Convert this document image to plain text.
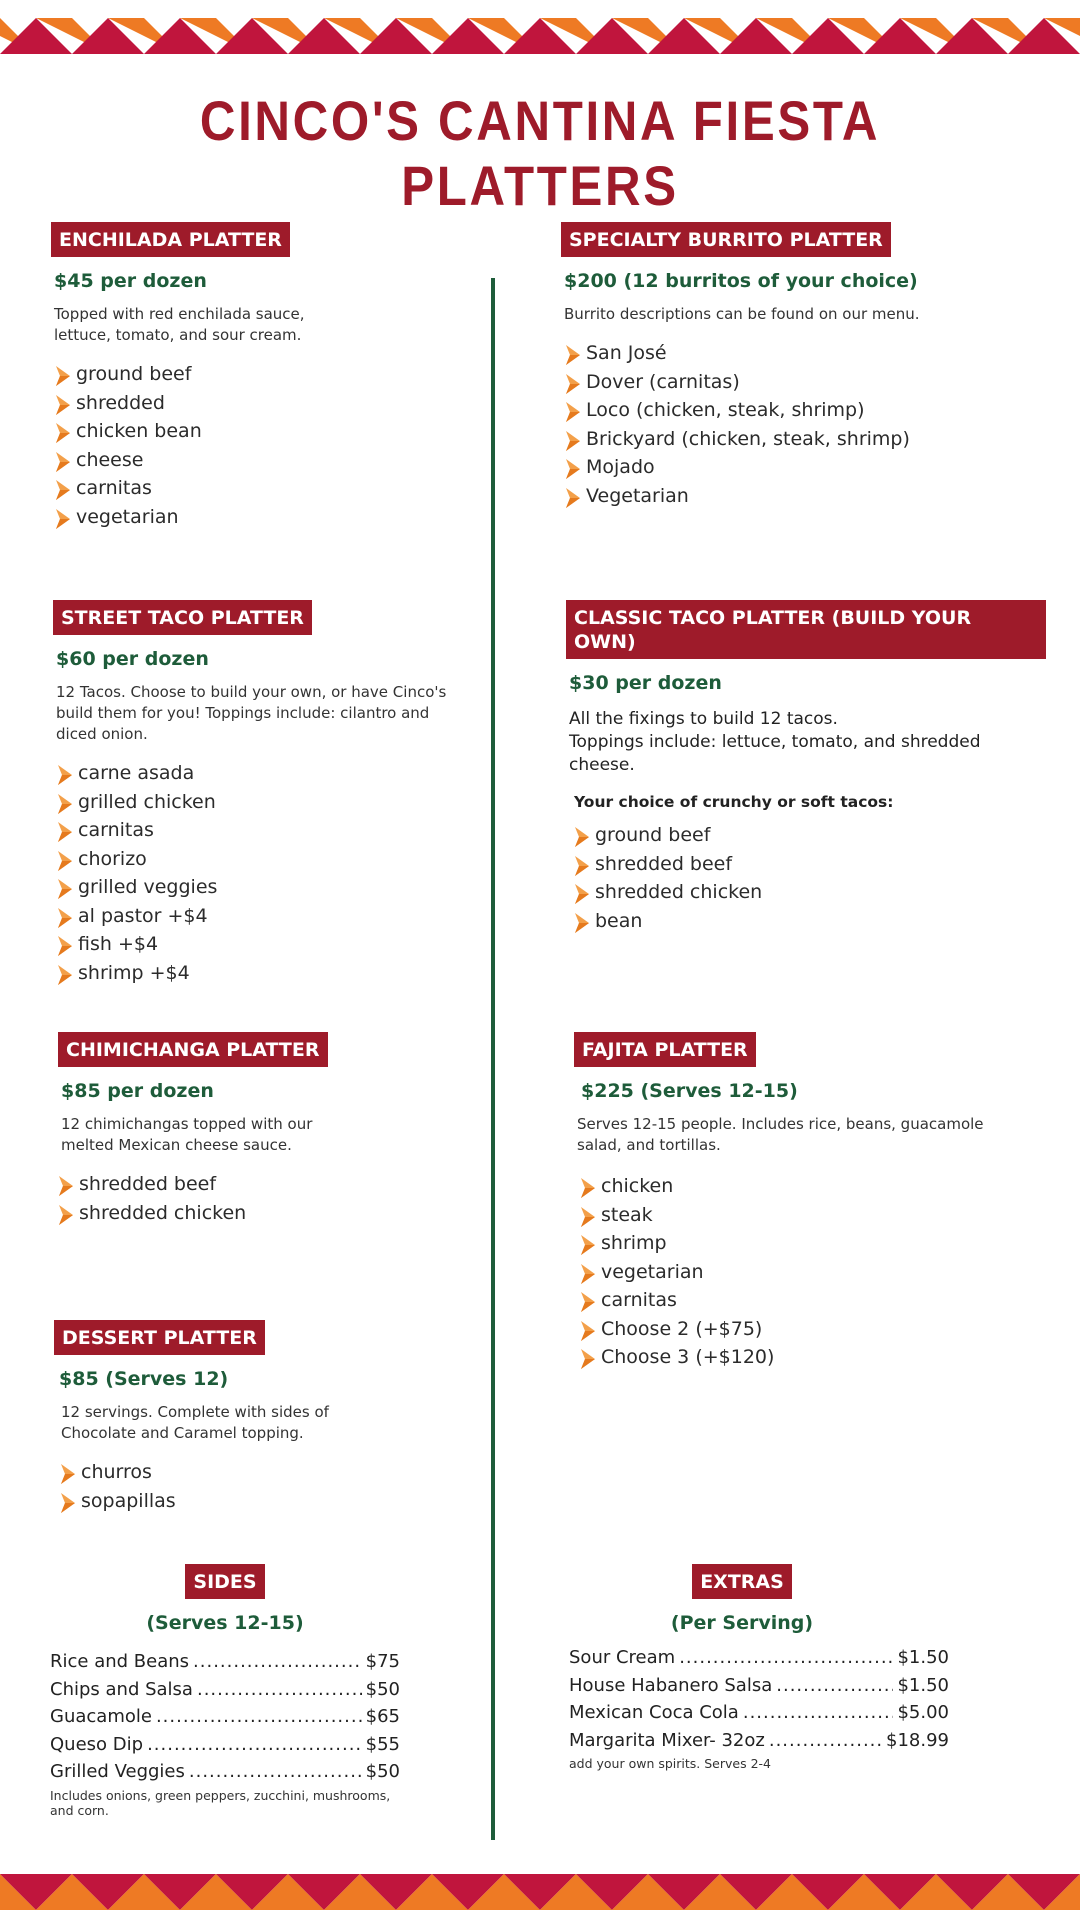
CINCO'S CANTINA FIESTA PLATTERS
ENCHILADA PLATTER
$45 per dozen
Topped with red enchilada sauce, lettuce, tomato, and sour cream.
ground beef
shredded
chicken bean
cheese
carnitas
vegetarian
SPECIALTY BURRITO PLATTER
$200 (12 burritos of your choice)
Burrito descriptions can be found on our menu.
San José
Dover (carnitas)
Loco (chicken, steak, shrimp)
Brickyard (chicken, steak, shrimp)
Mojado
Vegetarian
STREET TACO PLATTER
$60 per dozen
12 Tacos. Choose to build your own, or have Cinco's build them for you! Toppings include: cilantro and diced onion.
carne asada
grilled chicken
carnitas
chorizo
grilled veggies
al pastor +$4
fish +$4
shrimp +$4
CLASSIC TACO PLATTER (BUILD YOUR OWN)
$30 per dozen
All the fixings to build 12 tacos.
Toppings include: lettuce, tomato, and shredded cheese.
Your choice of crunchy or soft tacos:
ground beef
shredded beef
shredded chicken
bean
CHIMICHANGA PLATTER
$85 per dozen
12 chimichangas topped with our melted Mexican cheese sauce.
shredded beef
shredded chicken
FAJITA PLATTER
$225 (Serves 12-15)
Serves 12-15 people. Includes rice, beans, guacamole salad, and tortillas.
chicken
steak
shrimp
vegetarian
carnitas
Choose 2 (+$75)
Choose 3 (+$120)
DESSERT PLATTER
$85 (Serves 12)
12 servings. Complete with sides of Chocolate and Caramel topping.
churros
sopapillas
SIDES
(Serves 12-15)
Rice and Beans .....	$75
Chips and Salsa .....	$50
Guacamole .....	$65
Queso Dip .....	$55
Grilled Veggies .....	$50
Includes onions, green peppers, zucchini, mushrooms, and corn.
EXTRAS
(Per Serving)
Sour Cream .....	$1.50
House Habanero Salsa .....	$1.50
Mexican Coca Cola .....	$5.00
Margarita Mixer- 32oz .....	$18.99
add your own spirits. Serves 2-4
